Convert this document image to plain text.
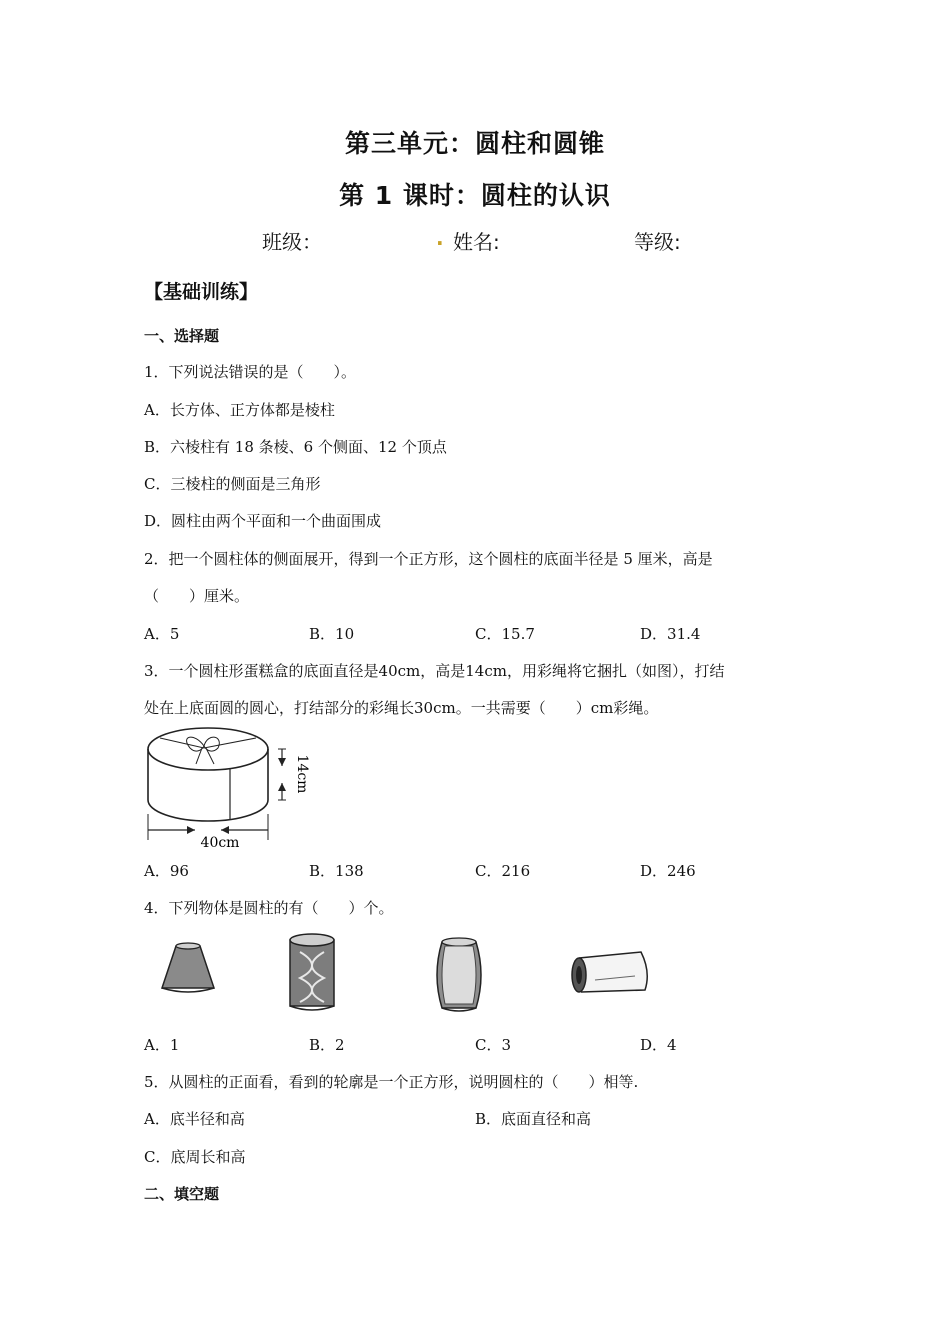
第三单元：圆柱和圆锥
第 1 课时：圆柱的认识
班级：	. 姓名:	等级:
【基础训练】
一、选择题
1．下列说法错误的是（　　）。
A．长方体、正方体都是棱柱
B．六棱柱有 18 条棱、6 个侧面、12 个顶点
C．三棱柱的侧面是三角形
D．圆柱由两个平面和一个曲面围成
2．把一个圆柱体的侧面展开，得到一个正方形，这个圆柱的底面半径是 5 厘米，高是
（　　）厘米。
A．5	B．10	C．15.7	D．31.4
3．一个圆柱形蛋糕盒的底面直径是40cm，高是14cm，用彩绳将它捆扎（如图），打结
处在上底面圆的圆心，打结部分的彩绳长30cm。一共需要（　　）cm彩绳。
14cm
40cm
A．96	B．138	C．216	D．246
4．下列物体是圆柱的有（　　）个。
A．1	B．2	C．3	D．4
5．从圆柱的正面看，看到的轮廓是一个正方形，说明圆柱的（　　）相等.
A．底半径和高	B．底面直径和高
C．底周长和高
二、填空题
